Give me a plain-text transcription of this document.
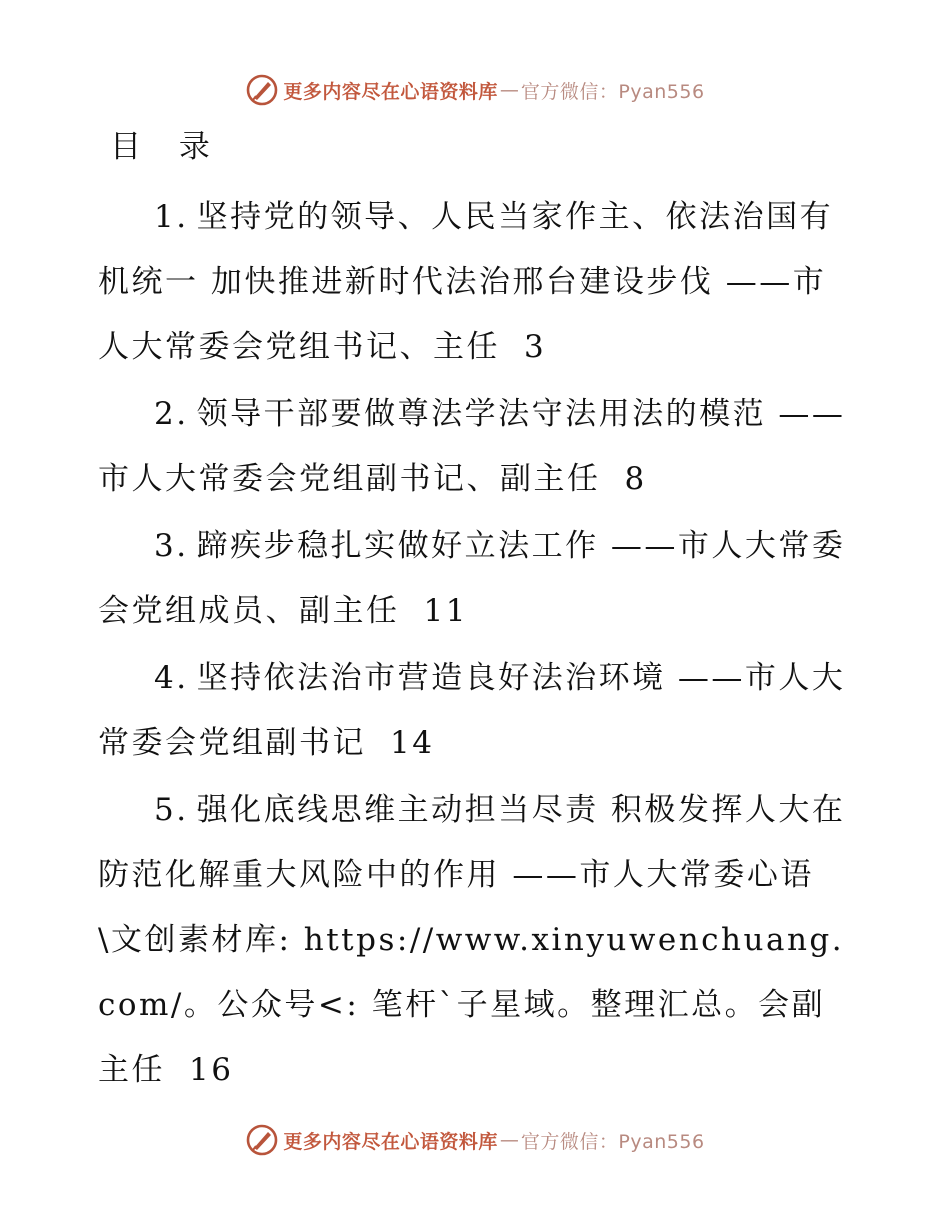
更多内容尽在心语资料库 — 官方微信：Pyan556
目 录
1. 坚持党的领导、人民当家作主、依法治国有机统一 加快推进新时代法治邢台建设步伐 ——市人大常委会党组书记、主任 3
2. 领导干部要做尊法学法守法用法的模范 ——市人大常委会党组副书记、副主任 8
3. 蹄疾步稳扎实做好立法工作 ——市人大常委会党组成员、副主任 11
4. 坚持依法治市营造良好法治环境 ——市人大常委会党组副书记 14
5. 强化底线思维主动担当尽责 积极发挥人大在防范化解重大风险中的作用 ——市人大常委心语\文创素材库: https://www.xinyuwenchuang.com/。公众号<: 笔杆`子星域。整理汇总。会副主任 16
更多内容尽在心语资料库 — 官方微信：Pyan556
